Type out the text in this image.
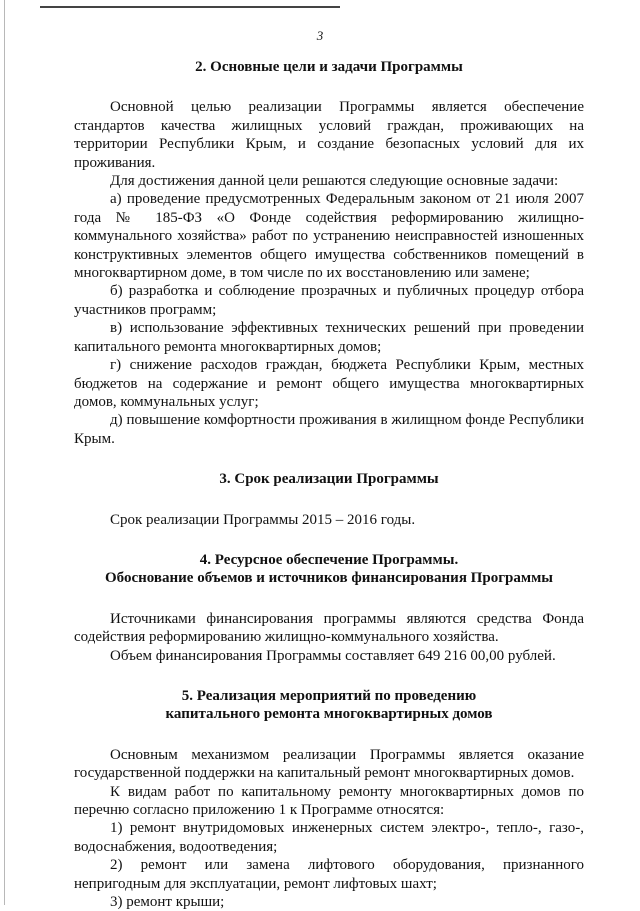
3

2. Основные цели и задачи Программы

Основной целью реализации Программы является обеспечение стандартов качества жилищных условий граждан, проживающих на территории Республики Крым, и создание безопасных условий для их проживания.

Для достижения данной цели решаются следующие основные задачи:

а) проведение предусмотренных Федеральным законом от 21 июля 2007 года № 185-ФЗ «О Фонде содействия реформированию жилищно-коммунального хозяйства» работ по устранению неисправностей изношенных конструктивных элементов общего имущества собственников помещений в многоквартирном доме, в том числе по их восстановлению или замене;

б) разработка и соблюдение прозрачных и публичных процедур отбора участников программ;

в) использование эффективных технических решений при проведении капитального ремонта многоквартирных домов;

г) снижение расходов граждан, бюджета Республики Крым, местных бюджетов на содержание и ремонт общего имущества многоквартирных домов, коммунальных услуг;

д) повышение комфортности проживания в жилищном фонде Республики Крым.

3. Срок реализации Программы

Срок реализации Программы 2015 – 2016 годы.

4. Ресурсное обеспечение Программы.

Обоснование объемов и источников финансирования Программы

Источниками финансирования программы являются средства Фонда содействия реформированию жилищно-коммунального хозяйства.

Объем финансирования Программы составляет 649 216 00,00 рублей.

5. Реализация мероприятий по проведению

капитального ремонта многоквартирных домов

Основным механизмом реализации Программы является оказание государственной поддержки на капитальный ремонт многоквартирных домов.

К видам работ по капитальному ремонту многоквартирных домов по перечню согласно приложению 1 к Программе относятся:

1) ремонт внутридомовых инженерных систем электро-, тепло-, газо-, водоснабжения, водоотведения;

2) ремонт или замена лифтового оборудования, признанного непригодным для эксплуатации, ремонт лифтовых шахт;

3) ремонт крыши;
